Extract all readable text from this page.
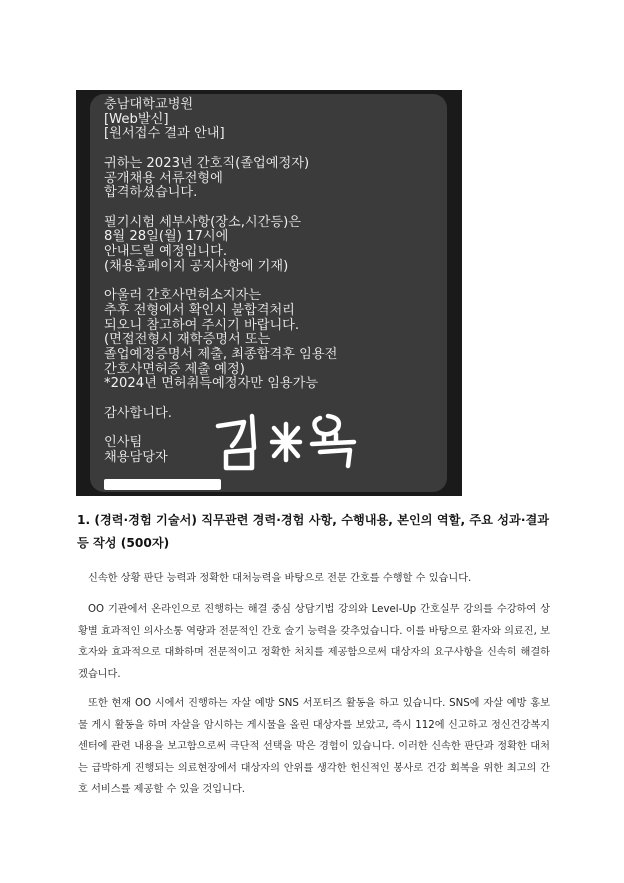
충남대학교병원
[Web발신]
[원서접수 결과 안내]

귀하는 2023년 간호직(졸업예정자)
공개채용 서류전형에
합격하셨습니다.

필기시험 세부사항(장소,시간등)은
8월 28일(월) 17시에
안내드릴 예정입니다.
(채용홈페이지 공지사항에 기재)

아울러 간호사면허소지자는
추후 전형에서 확인시 불합격처리
되오니 참고하여 주시기 바랍니다.
(면접전형시 재학증명서 또는
졸업예정증명서 제출, 최종합격후 임용전
간호사면허증 제출 예정)
*2024년 면허취득예정자만 임용가능

감사합니다.

인사팀
채용담당자

1. (경력·경험 기술서) 직무관련 경력·경험 사항, 수행내용, 본인의 역할, 주요 성과·결과 등 작성 (500자)

신속한 상황 판단 능력과 정확한 대처능력을 바탕으로 전문 간호를 수행할 수 있습니다.

OO 기관에서 온라인으로 진행하는 해결 중심 상담기법 강의와 Level-Up 간호실무 강의를 수강하여 상황별 효과적인 의사소통 역량과 전문적인 간호 술기 능력을 갖추었습니다. 이를 바탕으로 환자와 의료진, 보호자와 효과적으로 대화하며 전문적이고 정확한 처치를 제공함으로써 대상자의 요구사항을 신속히 해결하겠습니다.

또한 현재 OO 시에서 진행하는 자살 예방 SNS 서포터즈 활동을 하고 있습니다. SNS에 자살 예방 홍보물 게시 활동을 하며 자살을 암시하는 게시물을 올린 대상자를 보았고, 즉시 112에 신고하고 정신건강복지센터에 관련 내용을 보고함으로써 극단적 선택을 막은 경험이 있습니다. 이러한 신속한 판단과 정확한 대처는 급박하게 진행되는 의료현장에서 대상자의 안위를 생각한 헌신적인 봉사로 건강 회복을 위한 최고의 간호 서비스를 제공할 수 있을 것입니다.
